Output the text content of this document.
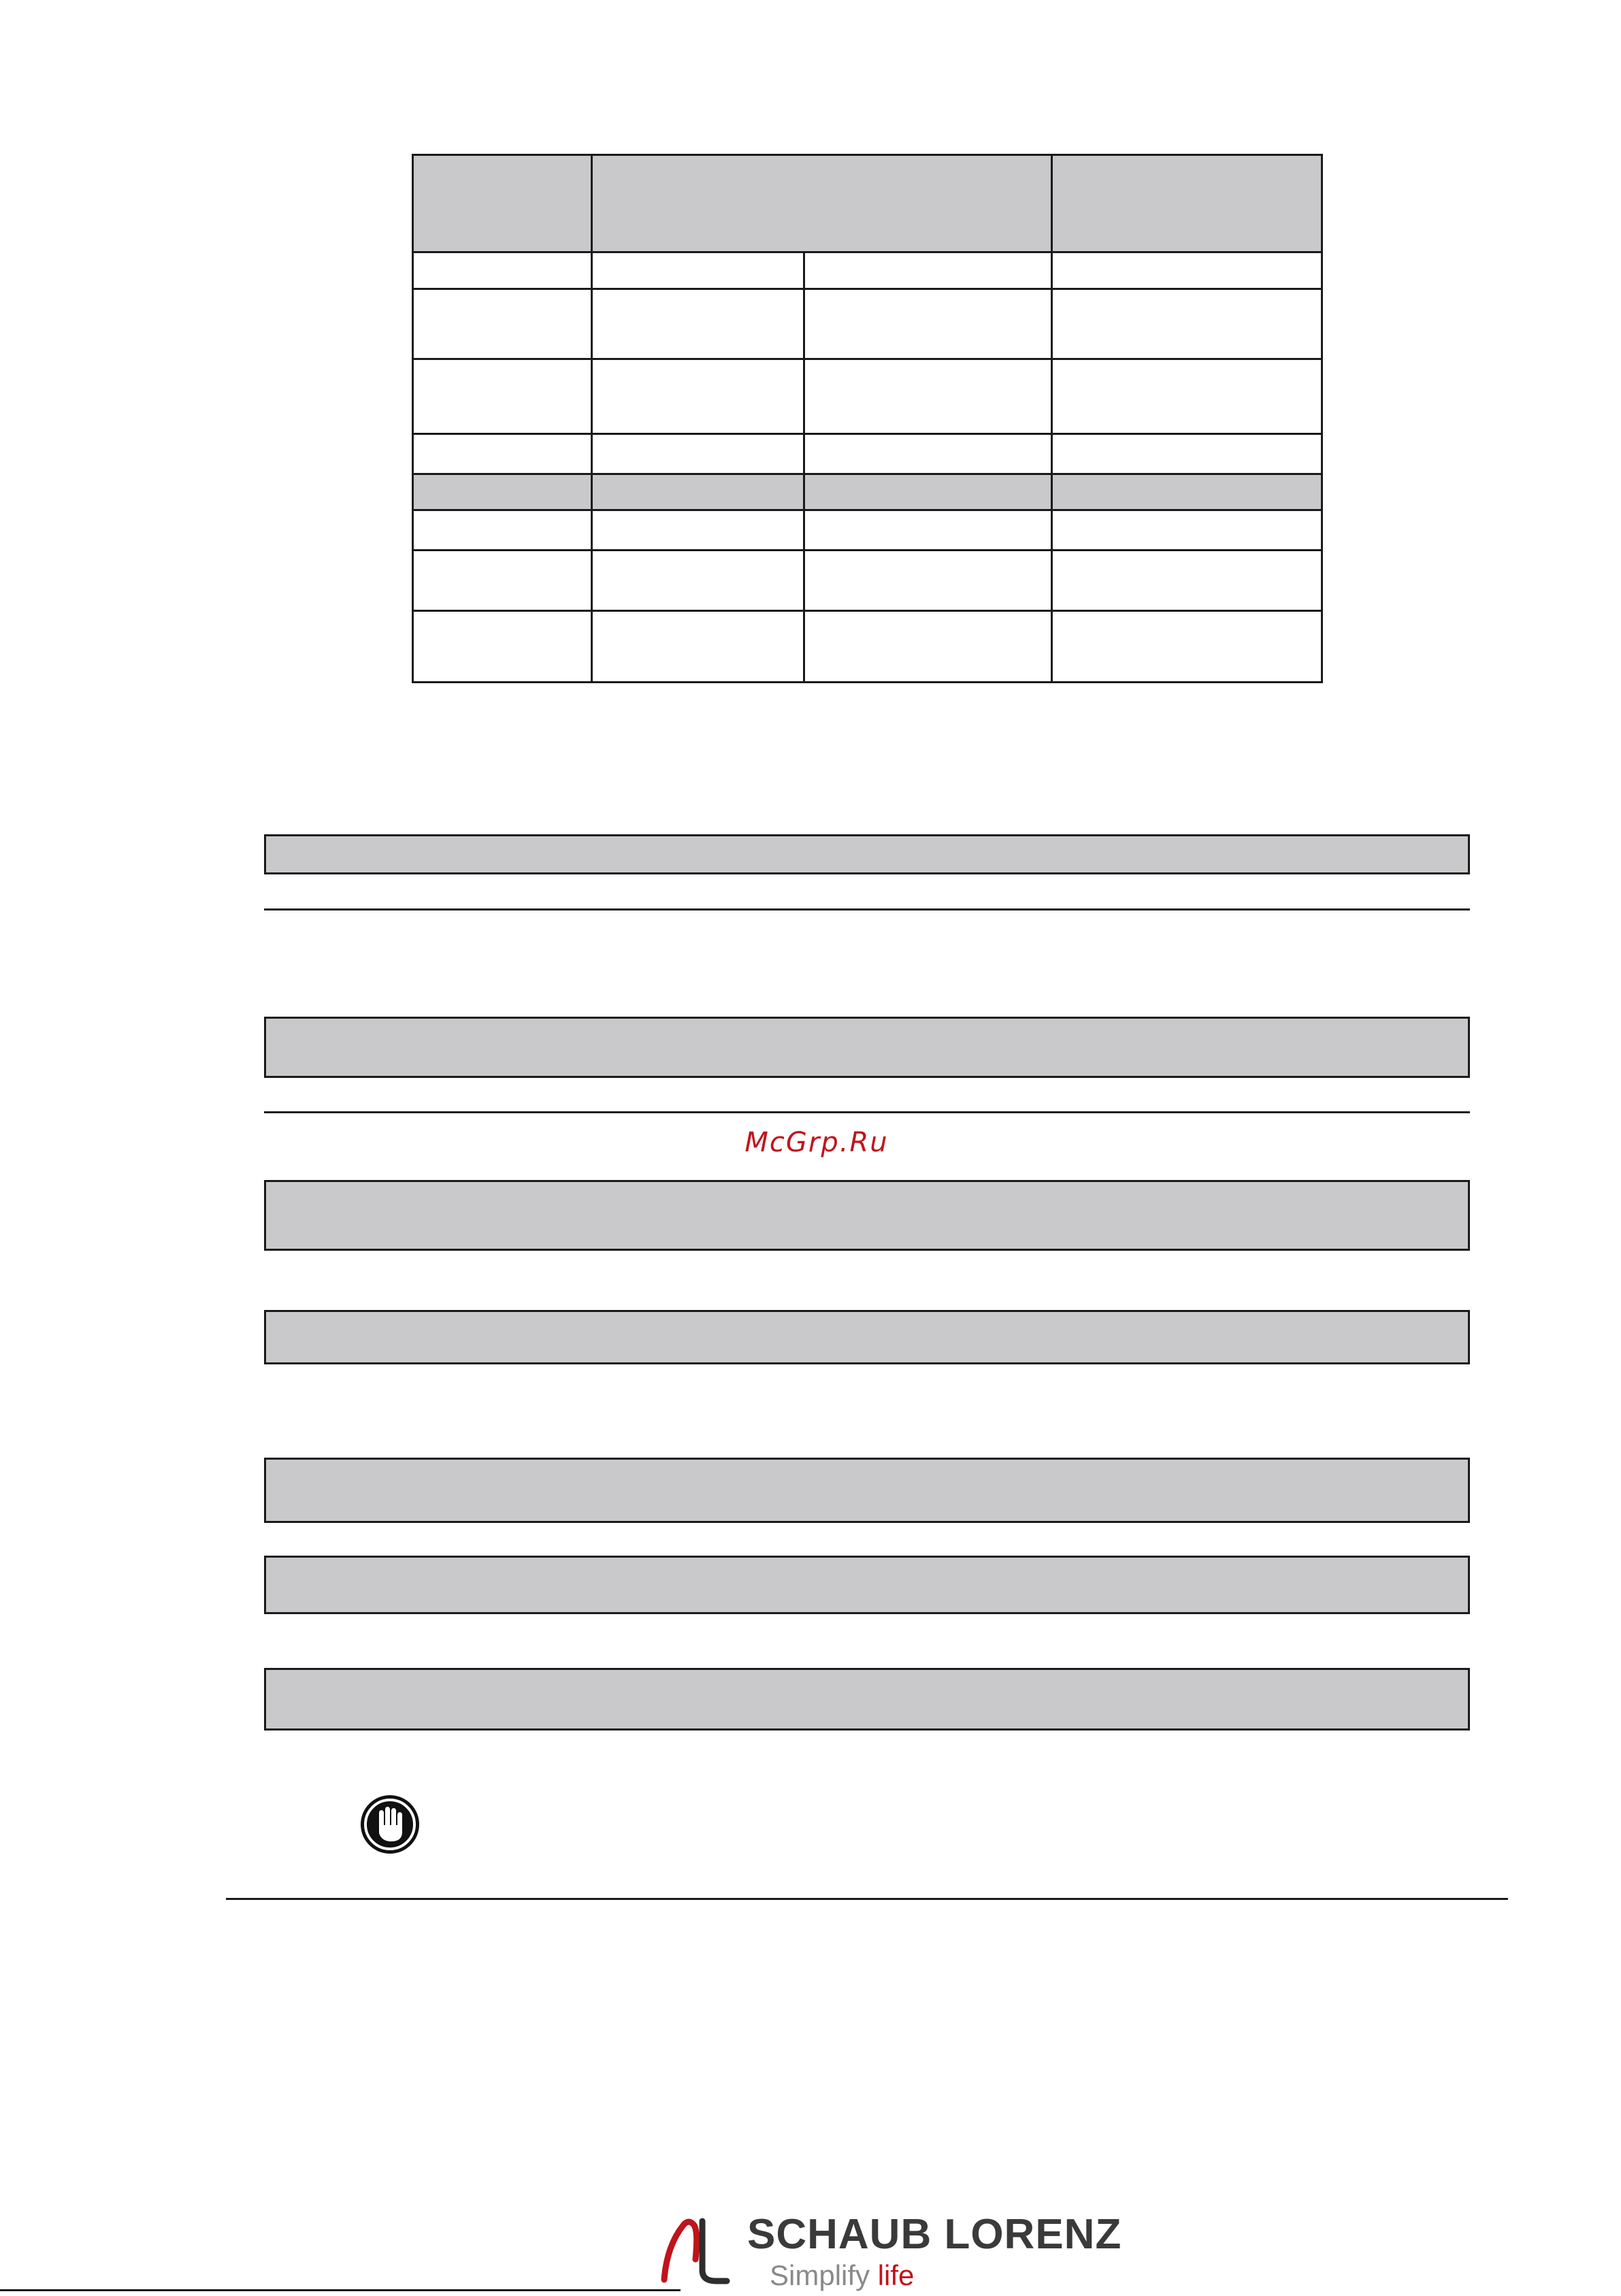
McGrp.Ru
SCHAUB LORENZ
Simplify life
